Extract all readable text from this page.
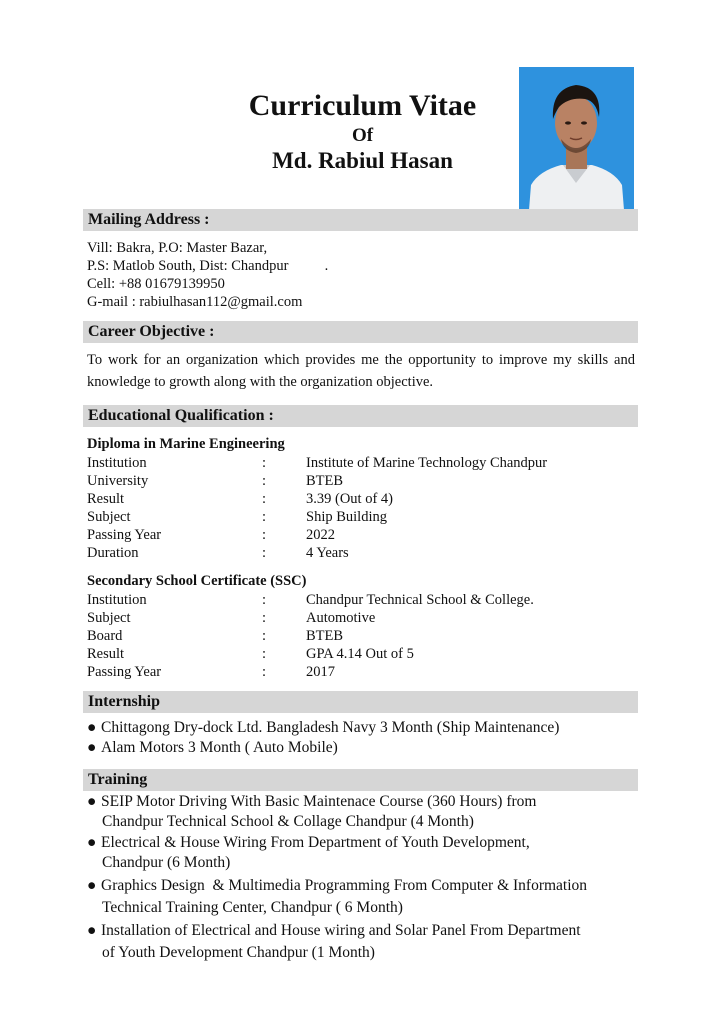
Curriculum Vitae
Of
Md. Rabiul Hasan
Mailing Address :
Vill: Bakra, P.O: Master Bazar,
P.S: Matlob South, Dist: Chandpur          .
Cell: +88 01679139950
G-mail : rabiulhasan112@gmail.com
Career Objective :
To work for an organization which provides me the opportunity to improve my skills and knowledge to growth along with the organization objective.
Educational Qualification :
Diploma in Marine Engineering
Institution	:	Institute of Marine Technology Chandpur
University	:	BTEB
Result	:	3.39 (Out of 4)
Subject	:	Ship Building
Passing Year	:	2022
Duration	:	4 Years
Secondary School Certificate (SSC)
Institution	:	Chandpur Technical School & College.
Subject	:	Automotive
Board	:	BTEB
Result	:	GPA 4.14 Out of 5
Passing Year	:	2017
Internship
● Chittagong Dry-dock Ltd. Bangladesh Navy 3 Month (Ship Maintenance)
● Alam Motors 3 Month ( Auto Mobile)
Training
● SEIP Motor Driving With Basic Maintenace Course (360 Hours) from
Chandpur Technical School & Collage Chandpur (4 Month)
● Electrical & House Wiring From Department of Youth Development,
Chandpur (6 Month)
● Graphics Design  & Multimedia Programming From Computer & Information
Technical Training Center, Chandpur ( 6 Month)
● Installation of Electrical and House wiring and Solar Panel From Department
of Youth Development Chandpur (1 Month)
